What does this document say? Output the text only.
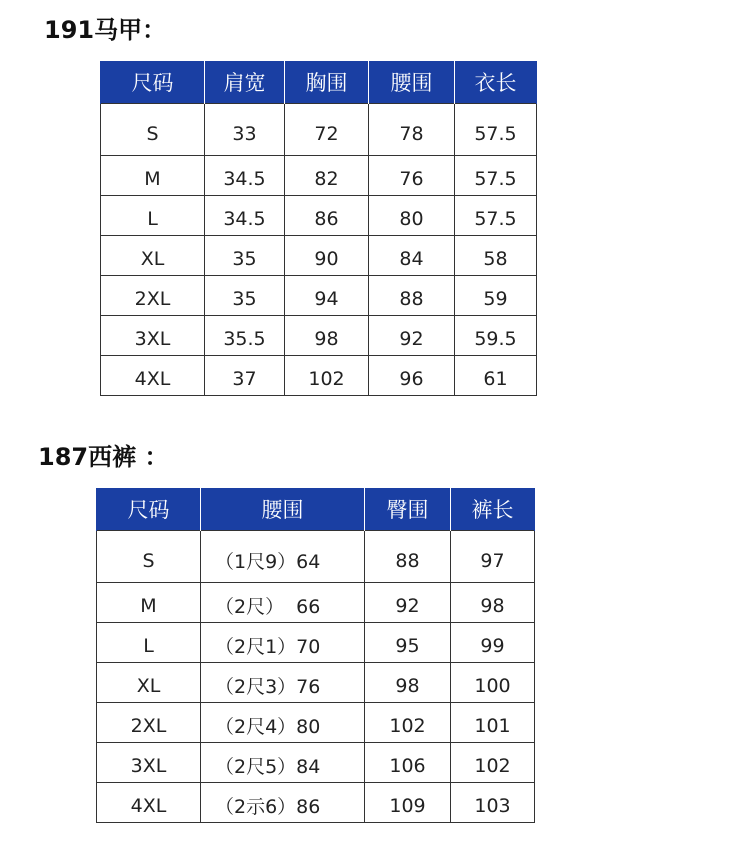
191马甲：
尺码	肩宽	胸围	腰围	衣长
S	33	72	78	57.5
M	34.5	82	76	57.5
L	34.5	86	80	57.5
XL	35	90	84	58
2XL	35	94	88	59
3XL	35.5	98	92	59.5
4XL	37	102	96	61
187西裤 ：
尺码	腰围	臀围	裤长
S	（1尺9）64	88	97
M	（2尺）  66	92	98
L	（2尺1）70	95	99
XL	（2尺3）76	98	100
2XL	（2尺4）80	102	101
3XL	（2尺5）84	106	102
4XL	（2示6）86	109	103
